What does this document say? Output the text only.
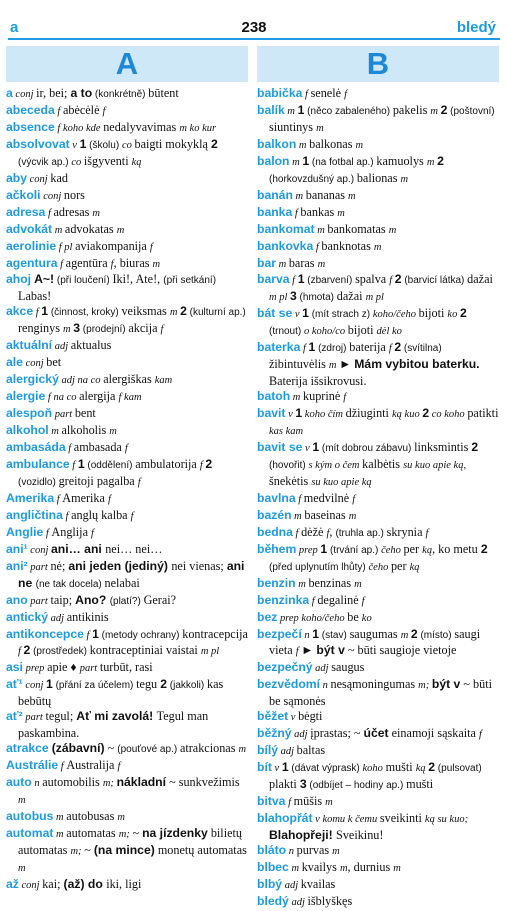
a	238	bledý
A
a conj ir, bei; a to (konkrétně) būtent
abeceda f abėcėlė f
absence f koho kde nedalyvavimas m ko kur
absolvovat v 1 (školu) co baigti mokyklą 2 (výcvik ap.) co išgyventi ką
aby conj kad
ačkoli conj nors
adresa f adresas m
advokát m advokatas m
aerolinie f pl aviakompanija f
agentura f agentūra f, biuras m
ahoj A~! (při loučení) Iki!, Ate!, (při setkání) Labas!
akce f 1 (činnost, kroky) veiksmas m 2 (kulturní ap.) renginys m 3 (prodejní) akcija f
aktuální adj aktualus
ale conj bet
alergický adj na co alergiškas kam
alergie f na co alergija f kam
alespoň part bent
alkohol m alkoholis m
ambasáda f ambasada f
ambulance f 1 (oddělení) ambulatorija f 2 (vozidlo) greitoji pagalba f
Amerika f Amerika f
angličtina f anglų kalba f
Anglie f Anglija f
ani¹ conj ani… ani nei… nei…
ani² part nė; ani jeden (jediný) nei vienas; ani ne (ne tak docela) nelabai
ano part taip; Ano? (platí?) Gerai?
antický adj antikinis
antikoncepce f 1 (metody ochrany) kontracepcija f 2 (prostředek) kontraceptiniai vaistai m pl
asi prep apie ♦ part turbūt, rasi
ať¹ conj 1 (přání za účelem) tegu 2 (jakkoli) kas bebūtų
ať² part tegul; Ať mi zavolá! Tegul man paskambina.
atrakce (zábavní) ~ (pouťové ap.) atrakcionas m
Austrálie f Australija f
auto n automobilis m; nákladní ~ sunkvežimis m
autobus m autobusas m
automat m automatas m; ~ na jízdenky bilietų automatas m; ~ (na mince) monetų automatas m
až conj kai; (až) do iki, ligi
B
babička f senelė f
balík m 1 (něco zabaleného) pakelis m 2 (poštovní) siuntinys m
balkon m balkonas m
balon m 1 (na fotbal ap.) kamuolys m 2 (horkovzdušný ap.) balionas m
banán m bananas m
banka f bankas m
bankomat m bankomatas m
bankovka f banknotas m
bar m baras m
barva f 1 (zbarvení) spalva f 2 (barvicí látka) dažai m pl 3 (hmota) dažai m pl
bát se v 1 (mít strach z) koho/čeho bijoti ko 2 (trnout) o koho/co bijoti dėl ko
baterka f 1 (zdroj) baterija f 2 (svítilna) žibintuvėlis m ► Mám vybitou baterku. Baterija išsikrovusi.
batoh m kuprinė f
bavit v 1 koho čím džiuginti ką kuo 2 co koho patikti kas kam
bavit se v 1 (mít dobrou zábavu) linksmintis 2 (hovořit) s kým o čem kalbėtis su kuo apie ką, šnekėtis su kuo apie ką
bavlna f medvilnė f
bazén m baseinas m
bedna f dėžė f, (truhla ap.) skrynia f
během prep 1 (trvání ap.) čeho per ką, ko metu 2 (před uplynutím lhůty) čeho per ką
benzin m benzinas m
benzinka f degalinė f
bez prep koho/čeho be ko
bezpečí n 1 (stav) saugumas m 2 (místo) saugi vieta f ► být v ~ būti saugioje vietoje
bezpečný adj saugus
bezvědomí n nesąmoningumas m; být v ~ būti be sąmonės
běžet v bėgti
běžný adj įprastas; ~ účet einamoji sąskaita f
bílý adj baltas
bít v 1 (dávat výprask) koho mušti ką 2 (pulsovat) plakti 3 (odbíjet – hodiny ap.) mušti
bitva f mūšis m
blahopřát v komu k čemu sveikinti ką su kuo; Blahopřeji! Sveikinu!
bláto n purvas m
blbec m kvailys m, durnius m
blbý adj kvailas
bledý adj išblyškęs
